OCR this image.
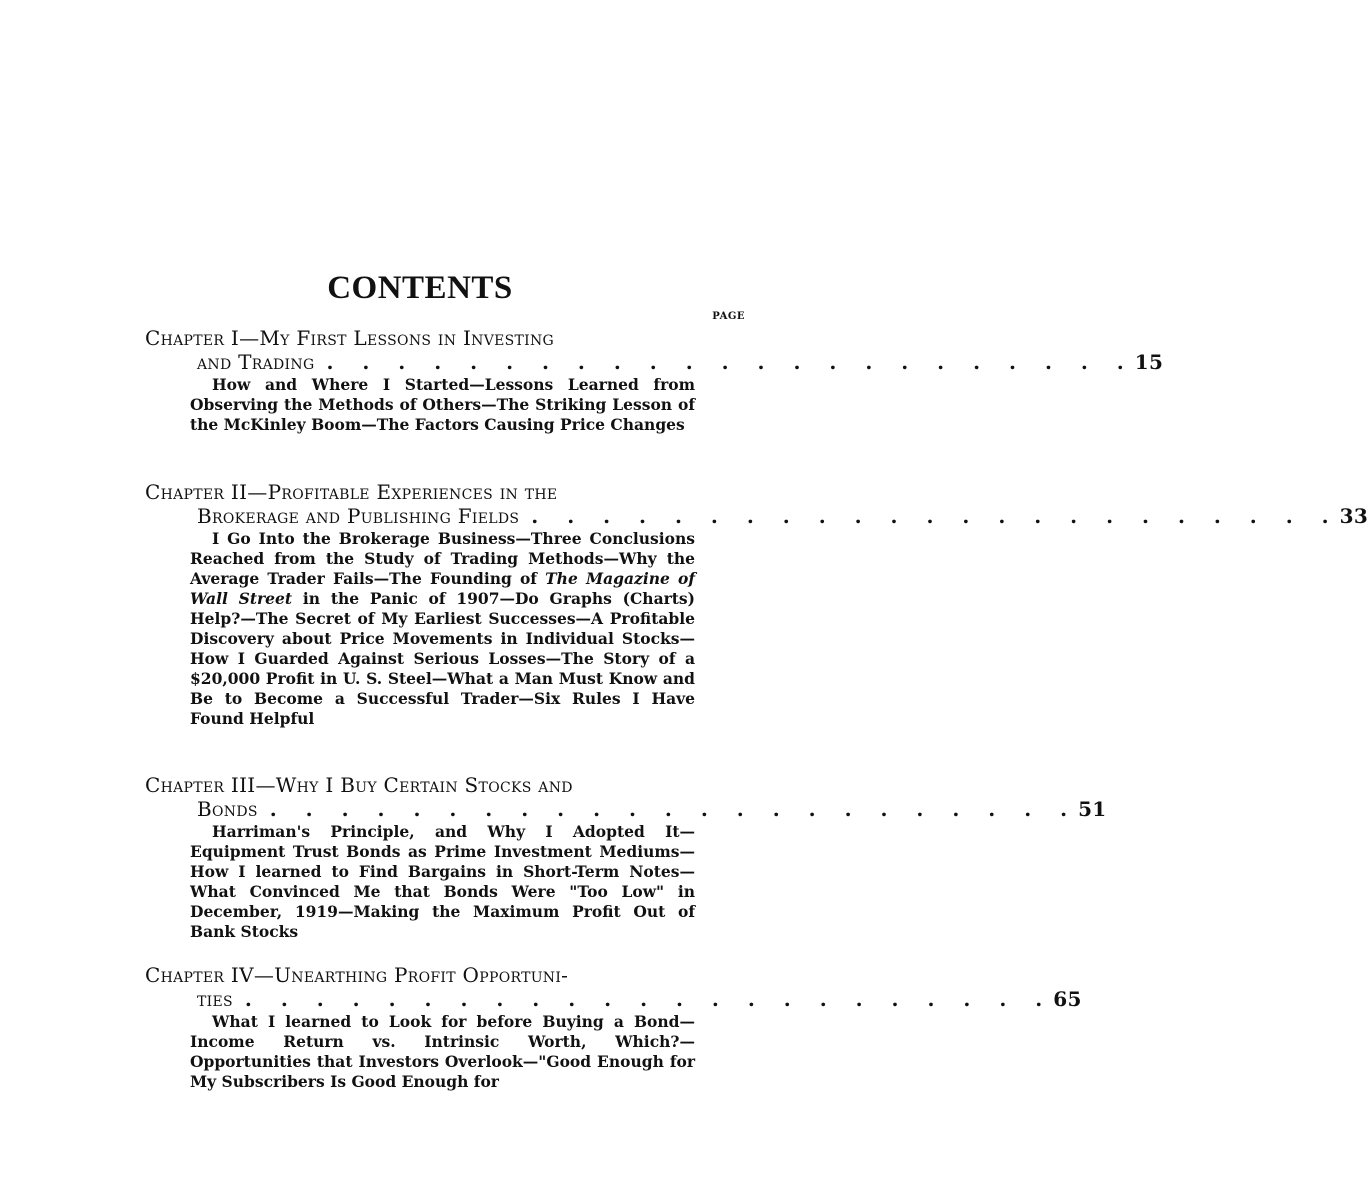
CONTENTS
PAGE
Chapter I—My First Lessons in Investing
and Trading . . . . . . . . . . . . . . . . . . . . . . . 15

How and Where I Started—Lessons Learned from Observing the Methods of Others—The Striking Lesson of the McKinley Boom—The Factors Causing Price Changes

Chapter II—Profitable Experiences in the
Brokerage and Publishing Fields . . . . . . . . . . . . . . . . . . . . . . . 33

I Go Into the Brokerage Business—Three Conclusions Reached from the Study of Trading Methods—Why the Average Trader Fails—The Founding of The Magazine of Wall Street in the Panic of 1907—Do Graphs (Charts) Help?—The Secret of My Earliest Successes—A Profitable Discovery about Price Movements in Individual Stocks—How I Guarded Against Serious Losses—The Story of a $20,000 Profit in U. S. Steel—What a Man Must Know and Be to Become a Successful Trader—Six Rules I Have Found Helpful

Chapter III—Why I Buy Certain Stocks and
Bonds . . . . . . . . . . . . . . . . . . . . . . . 51

Harriman's Principle, and Why I Adopted It—Equipment Trust Bonds as Prime Investment Mediums—How I learned to Find Bargains in Short-Term Notes—What Convinced Me that Bonds Were "Too Low" in December, 1919—Making the Maximum Profit Out of Bank Stocks

Chapter IV—Unearthing Profit Opportuni-
ties . . . . . . . . . . . . . . . . . . . . . . . 65

What I learned to Look for before Buying a Bond—Income Return vs. Intrinsic Worth, Which?—Opportunities that Investors Overlook—"Good Enough for My Subscribers Is Good Enough for
